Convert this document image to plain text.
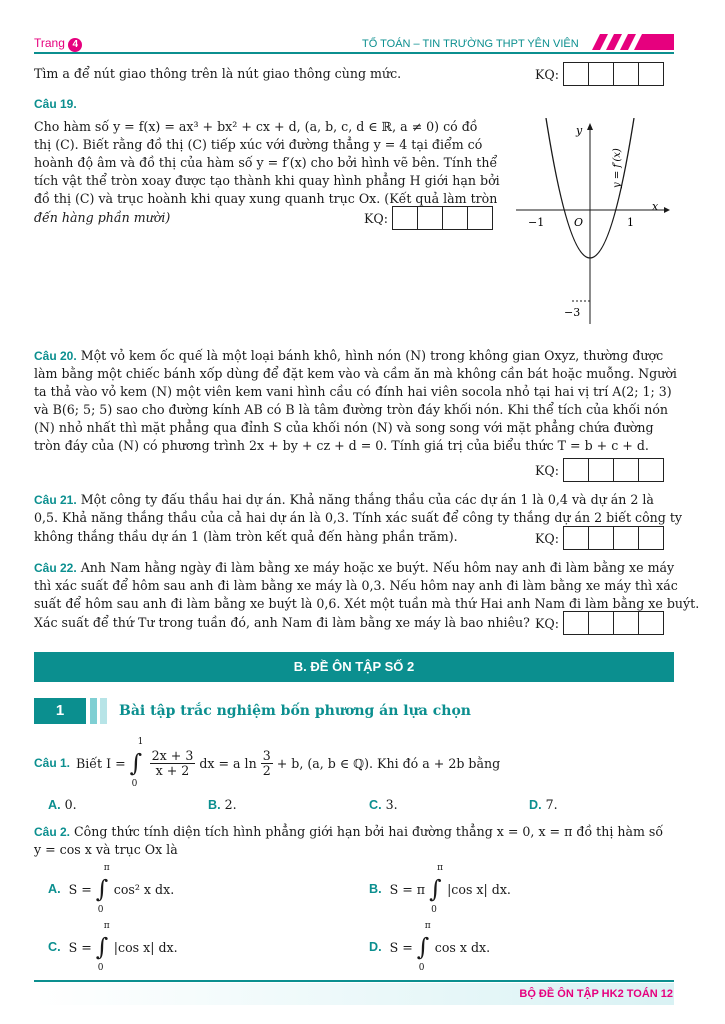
Trang 4	TỔ TOÁN – TIN TRƯỜNG THPT YÊN VIÊN
Tìm a để nút giao thông trên là nút giao thông cùng mức.	KQ:
Câu 19.
Cho hàm số y = f(x) = ax³ + bx² + cx + d, (a, b, c, d ∈ ℝ, a ≠ 0) có đồ
thị (C). Biết rằng đồ thị (C) tiếp xúc với đường thẳng y = 4 tại điểm có
hoành độ âm và đồ thị của hàm số y = f′(x) cho bởi hình vẽ bên. Tính thể
tích vật thể tròn xoay được tạo thành khi quay hình phẳng H giới hạn bởi
đồ thị (C) và trục hoành khi quay xung quanh trục Ox. (Kết quả làm tròn
đến hàng phần mười)	KQ:
y
x
O
−1	1
−3
y = f′(x)
Câu 20. Một vỏ kem ốc quế là một loại bánh khô, hình nón (N) trong không gian Oxyz, thường được
làm bằng một chiếc bánh xốp dùng để đặt kem vào và cầm ăn mà không cần bát hoặc muỗng. Người
ta thả vào vỏ kem (N) một viên kem vani hình cầu có đính hai viên socola nhỏ tại hai vị trí A(2; 1; 3)
và B(6; 5; 5) sao cho đường kính AB có B là tâm đường tròn đáy khối nón. Khi thể tích của khối nón
(N) nhỏ nhất thì mặt phẳng qua đỉnh S của khối nón (N) và song song với mặt phẳng chứa đường
tròn đáy của (N) có phương trình 2x + by + cz + d = 0. Tính giá trị của biểu thức T = b + c + d.
KQ:
Câu 21. Một công ty đấu thầu hai dự án. Khả năng thắng thầu của các dự án 1 là 0,4 và dự án 2 là
0,5. Khả năng thắng thầu của cả hai dự án là 0,3. Tính xác suất để công ty thắng dự án 2 biết công ty
không thắng thầu dự án 1 (làm tròn kết quả đến hàng phần trăm).	KQ:
Câu 22. Anh Nam hằng ngày đi làm bằng xe máy hoặc xe buýt. Nếu hôm nay anh đi làm bằng xe máy
thì xác suất để hôm sau anh đi làm bằng xe máy là 0,3. Nếu hôm nay anh đi làm bằng xe máy thì xác
suất để hôm sau anh đi làm bằng xe buýt là 0,6. Xét một tuần mà thứ Hai anh Nam đi làm bằng xe buýt.
Xác suất để thứ Tư trong tuần đó, anh Nam đi làm bằng xe máy là bao nhiêu? KQ:
B. ĐỀ ÔN TẬP SỐ 2
1	Bài tập trắc nghiệm bốn phương án lựa chọn
Câu 1. Biết I = ∫
1
0
$\frac{2x + 3}{x + 2}$ dx = a $\ln \frac{3}{2} + b$, (a, b ∈ ℚ). Khi đó a + 2b bằng
A. 0.	B. 2.	C. 3.	D. 7.
Câu 2. Công thức tính diện tích hình phẳng giới hạn bởi hai đường thẳng x = 0, x = π đồ thị hàm số
y = cos x và trục Ox là
A. S = ∫
π
0
cos² x dx.	B. S = π ∫
π
0
|cos x| dx.
C. S = ∫
π
0
|cos x| dx.	D. S = ∫
π
0
cos x dx.
BỘ ĐỀ ÔN TẬP HK2 TOÁN 12
